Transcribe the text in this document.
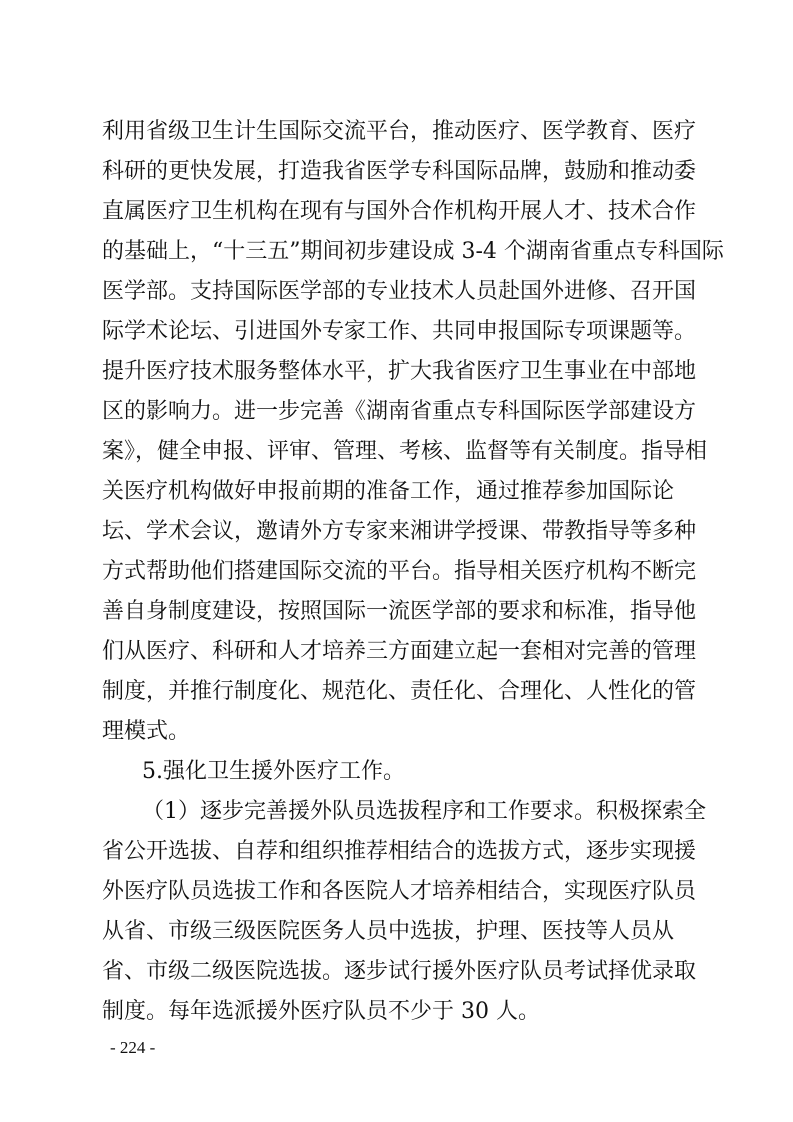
利用省级卫生计生国际交流平台，推动医疗、医学教育、医疗
科研的更快发展，打造我省医学专科国际品牌，鼓励和推动委
直属医疗卫生机构在现有与国外合作机构开展人才、技术合作
的基础上，“十三五”期间初步建设成 3-4 个湖南省重点专科国际
医学部。支持国际医学部的专业技术人员赴国外进修、召开国
际学术论坛、引进国外专家工作、共同申报国际专项课题等。
提升医疗技术服务整体水平，扩大我省医疗卫生事业在中部地
区的影响力。进一步完善《湖南省重点专科国际医学部建设方
案》，健全申报、评审、管理、考核、监督等有关制度。指导相
关医疗机构做好申报前期的准备工作，通过推荐参加国际论
坛、学术会议，邀请外方专家来湘讲学授课、带教指导等多种
方式帮助他们搭建国际交流的平台。指导相关医疗机构不断完
善自身制度建设，按照国际一流医学部的要求和标准，指导他
们从医疗、科研和人才培养三方面建立起一套相对完善的管理
制度，并推行制度化、规范化、责任化、合理化、人性化的管
理模式。
5.强化卫生援外医疗工作。
（1）逐步完善援外队员选拔程序和工作要求。积极探索全
省公开选拔、自荐和组织推荐相结合的选拔方式，逐步实现援
外医疗队员选拔工作和各医院人才培养相结合，实现医疗队员
从省、市级三级医院医务人员中选拔，护理、医技等人员从
省、市级二级医院选拔。逐步试行援外医疗队员考试择优录取
制度。每年选派援外医疗队员不少于 30 人。
- 224 -
